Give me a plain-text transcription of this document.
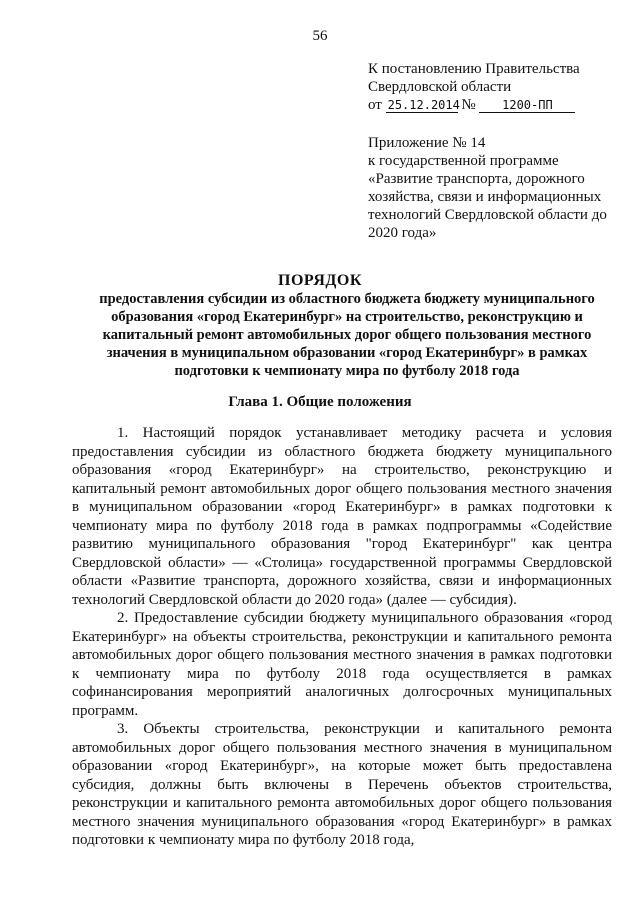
56
К постановлению Правительства
Свердловской области
от 25.12.2014 № 1200-ПП
Приложение № 14
к государственной программе
«Развитие транспорта, дорожного
хозяйства, связи и информационных
технологий Свердловской области до
2020 года»
ПОРЯДОК
предоставления субсидии из областного бюджета бюджету муниципального образования «город Екатеринбург» на строительство, реконструкцию и капитальный ремонт автомобильных дорог общего пользования местного значения в муниципальном образовании «город Екатеринбург» в рамках подготовки к чемпионату мира по футболу 2018 года
Глава 1. Общие положения

1. Настоящий порядок устанавливает методику расчета и условия предоставления субсидии из областного бюджета бюджету муниципального образования «город Екатеринбург» на строительство, реконструкцию и капитальный ремонт автомобильных дорог общего пользования местного значения в муниципальном образовании «город Екатеринбург» в рамках подготовки к чемпионату мира по футболу 2018 года в рамках подпрограммы «Содействие развитию муниципального образования "город Екатеринбург" как центра Свердловской области» — «Столица» государственной программы Свердловской области «Развитие транспорта, дорожного хозяйства, связи и информационных технологий Свердловской области до 2020 года» (далее — субсидия).

2. Предоставление субсидии бюджету муниципального образования «город Екатеринбург» на объекты строительства, реконструкции и капитального ремонта автомобильных дорог общего пользования местного значения в рамках подготовки к чемпионату мира по футболу 2018 года осуществляется в рамках софинансирования мероприятий аналогичных долгосрочных муниципальных программ.

3. Объекты строительства, реконструкции и капитального ремонта автомобильных дорог общего пользования местного значения в муниципальном образовании «город Екатеринбург», на которые может быть предоставлена субсидия, должны быть включены в Перечень объектов строительства, реконструкции и капитального ремонта автомобильных дорог общего пользования местного значения муниципального образования «город Екатеринбург» в рамках подготовки к чемпионату мира по футболу 2018 года,
